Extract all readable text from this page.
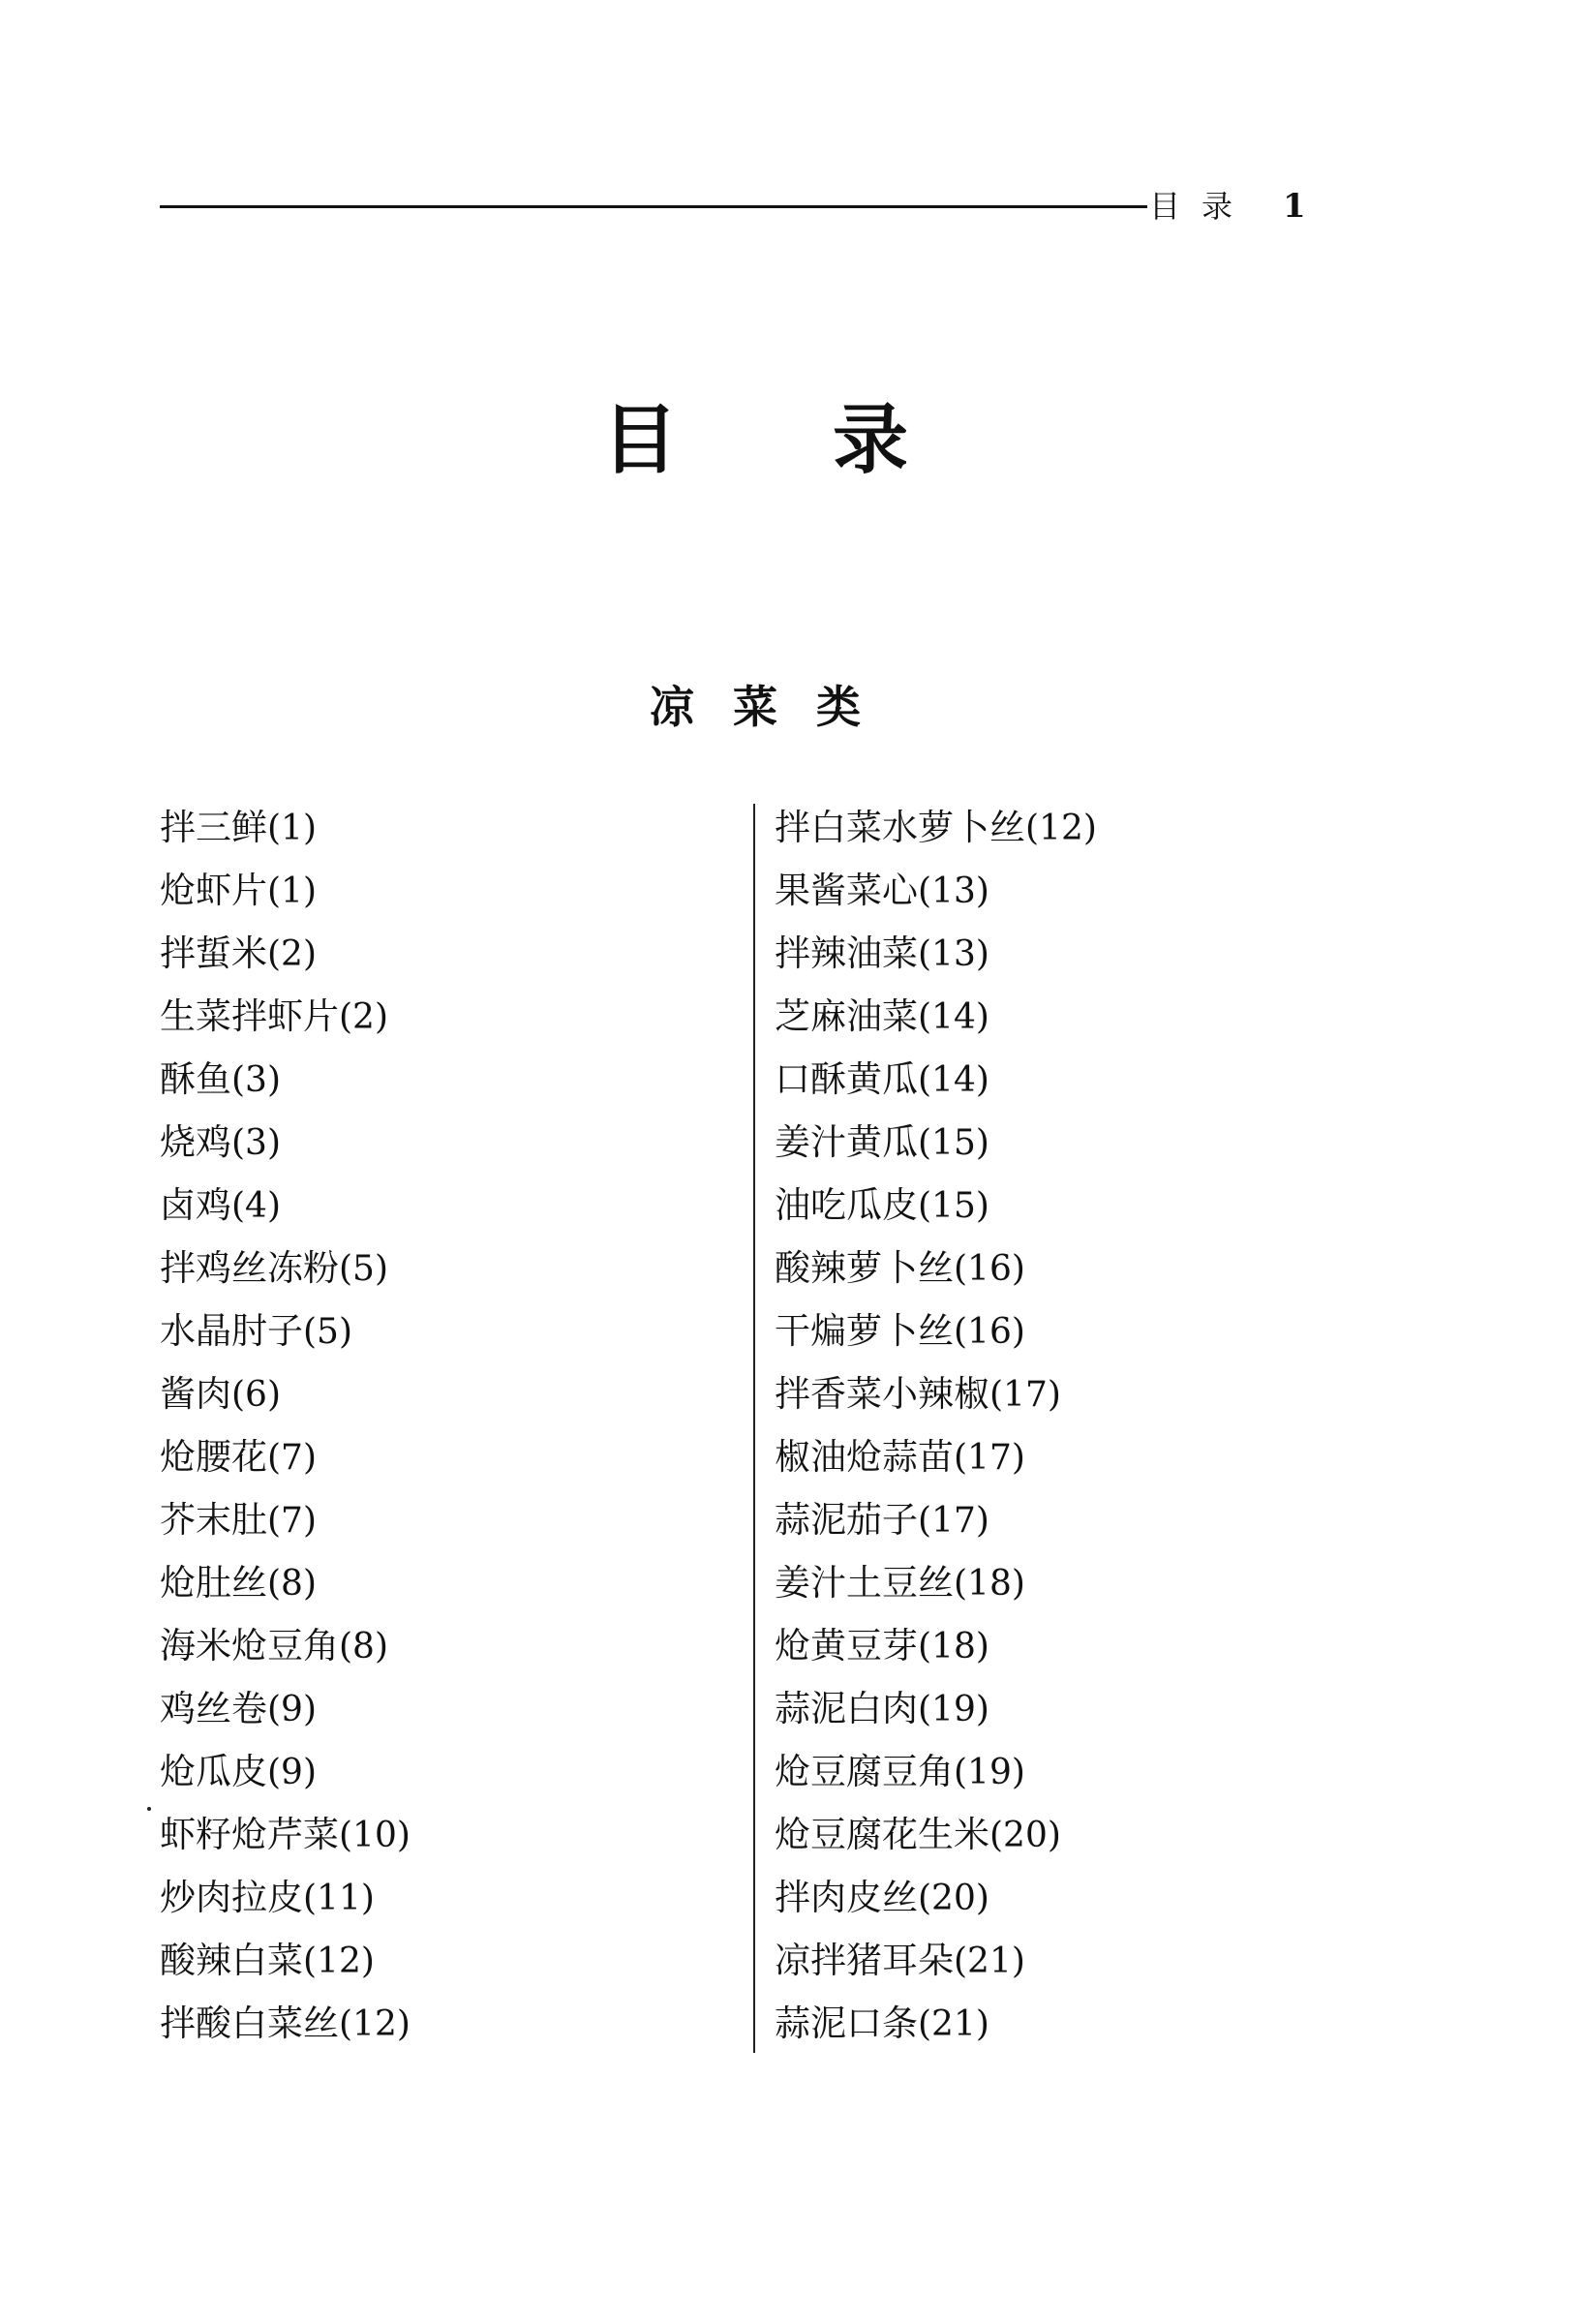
目录 1
目录
凉菜类
拌三鲜(1)
炝虾片(1)
拌蜇米(2)
生菜拌虾片(2)
酥鱼(3)
烧鸡(3)
卤鸡(4)
拌鸡丝冻粉(5)
水晶肘子(5)
酱肉(6)
炝腰花(7)
芥末肚(7)
炝肚丝(8)
海米炝豆角(8)
鸡丝卷(9)
炝瓜皮(9)
虾籽炝芹菜(10)
炒肉拉皮(11)
酸辣白菜(12)
拌酸白菜丝(12)
拌白菜水萝卜丝(12)
果酱菜心(13)
拌辣油菜(13)
芝麻油菜(14)
口酥黄瓜(14)
姜汁黄瓜(15)
油吃瓜皮(15)
酸辣萝卜丝(16)
干煸萝卜丝(16)
拌香菜小辣椒(17)
椒油炝蒜苗(17)
蒜泥茄子(17)
姜汁土豆丝(18)
炝黄豆芽(18)
蒜泥白肉(19)
炝豆腐豆角(19)
炝豆腐花生米(20)
拌肉皮丝(20)
凉拌猪耳朵(21)
蒜泥口条(21)
